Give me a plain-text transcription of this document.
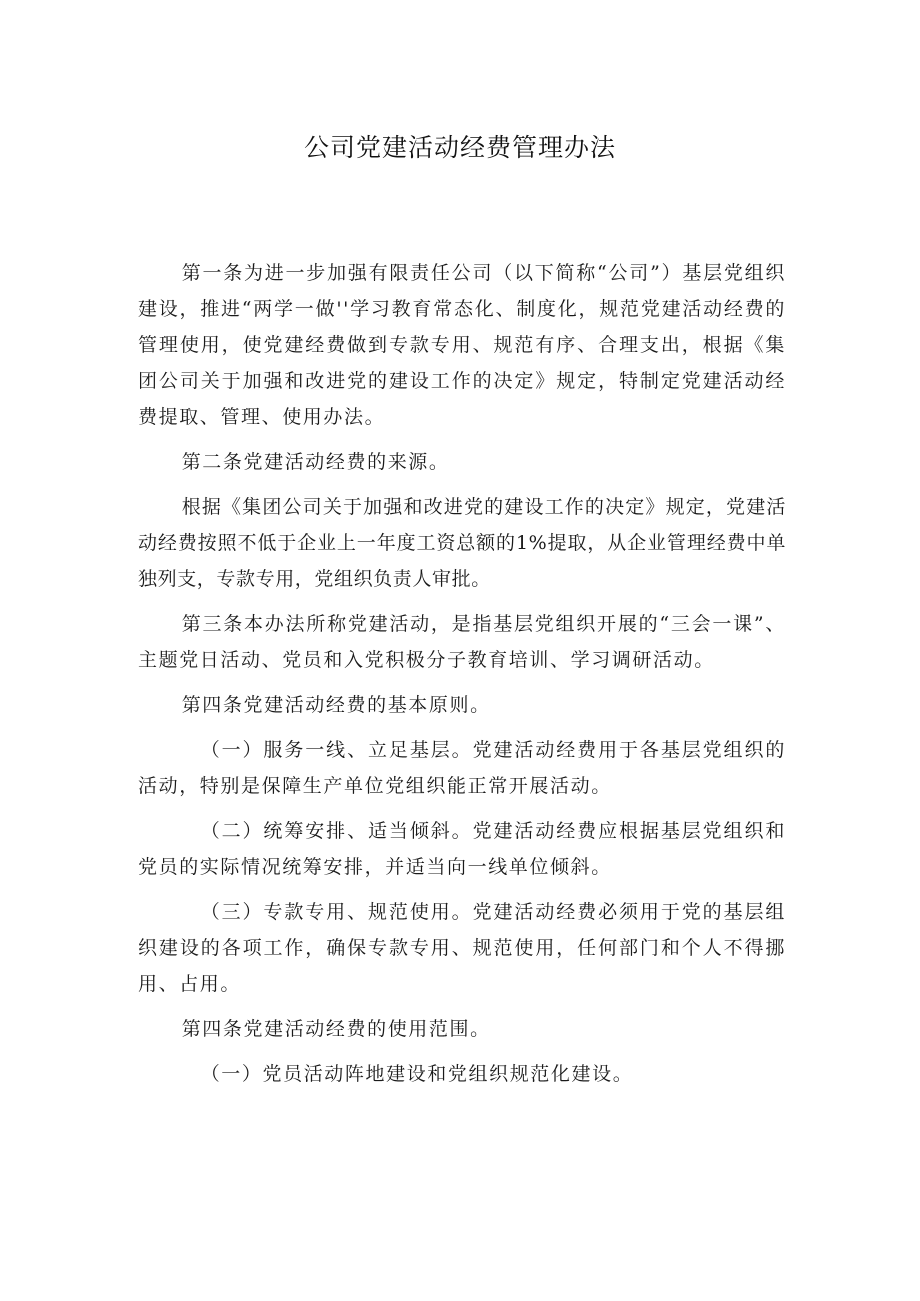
公司党建活动经费管理办法

第一条为进一步加强有限责任公司（以下简称“公司”）基层党组织建设，推进“两学一做''学习教育常态化、制度化，规范党建活动经费的管理使用，使党建经费做到专款专用、规范有序、合理支出，根据《集团公司关于加强和改进党的建设工作的决定》规定，特制定党建活动经费提取、管理、使用办法。

第二条党建活动经费的来源。

根据《集团公司关于加强和改进党的建设工作的决定》规定，党建活动经费按照不低于企业上一年度工资总额的1%提取，从企业管理经费中单独列支，专款专用，党组织负责人审批。

第三条本办法所称党建活动，是指基层党组织开展的“三会一课”、主题党日活动、党员和入党积极分子教育培训、学习调研活动。

第四条党建活动经费的基本原则。

（一）服务一线、立足基层。党建活动经费用于各基层党组织的活动，特别是保障生产单位党组织能正常开展活动。

（二）统筹安排、适当倾斜。党建活动经费应根据基层党组织和党员的实际情况统筹安排，并适当向一线单位倾斜。

（三）专款专用、规范使用。党建活动经费必须用于党的基层组织建设的各项工作，确保专款专用、规范使用，任何部门和个人不得挪用、占用。

第四条党建活动经费的使用范围。

（一）党员活动阵地建设和党组织规范化建设。
